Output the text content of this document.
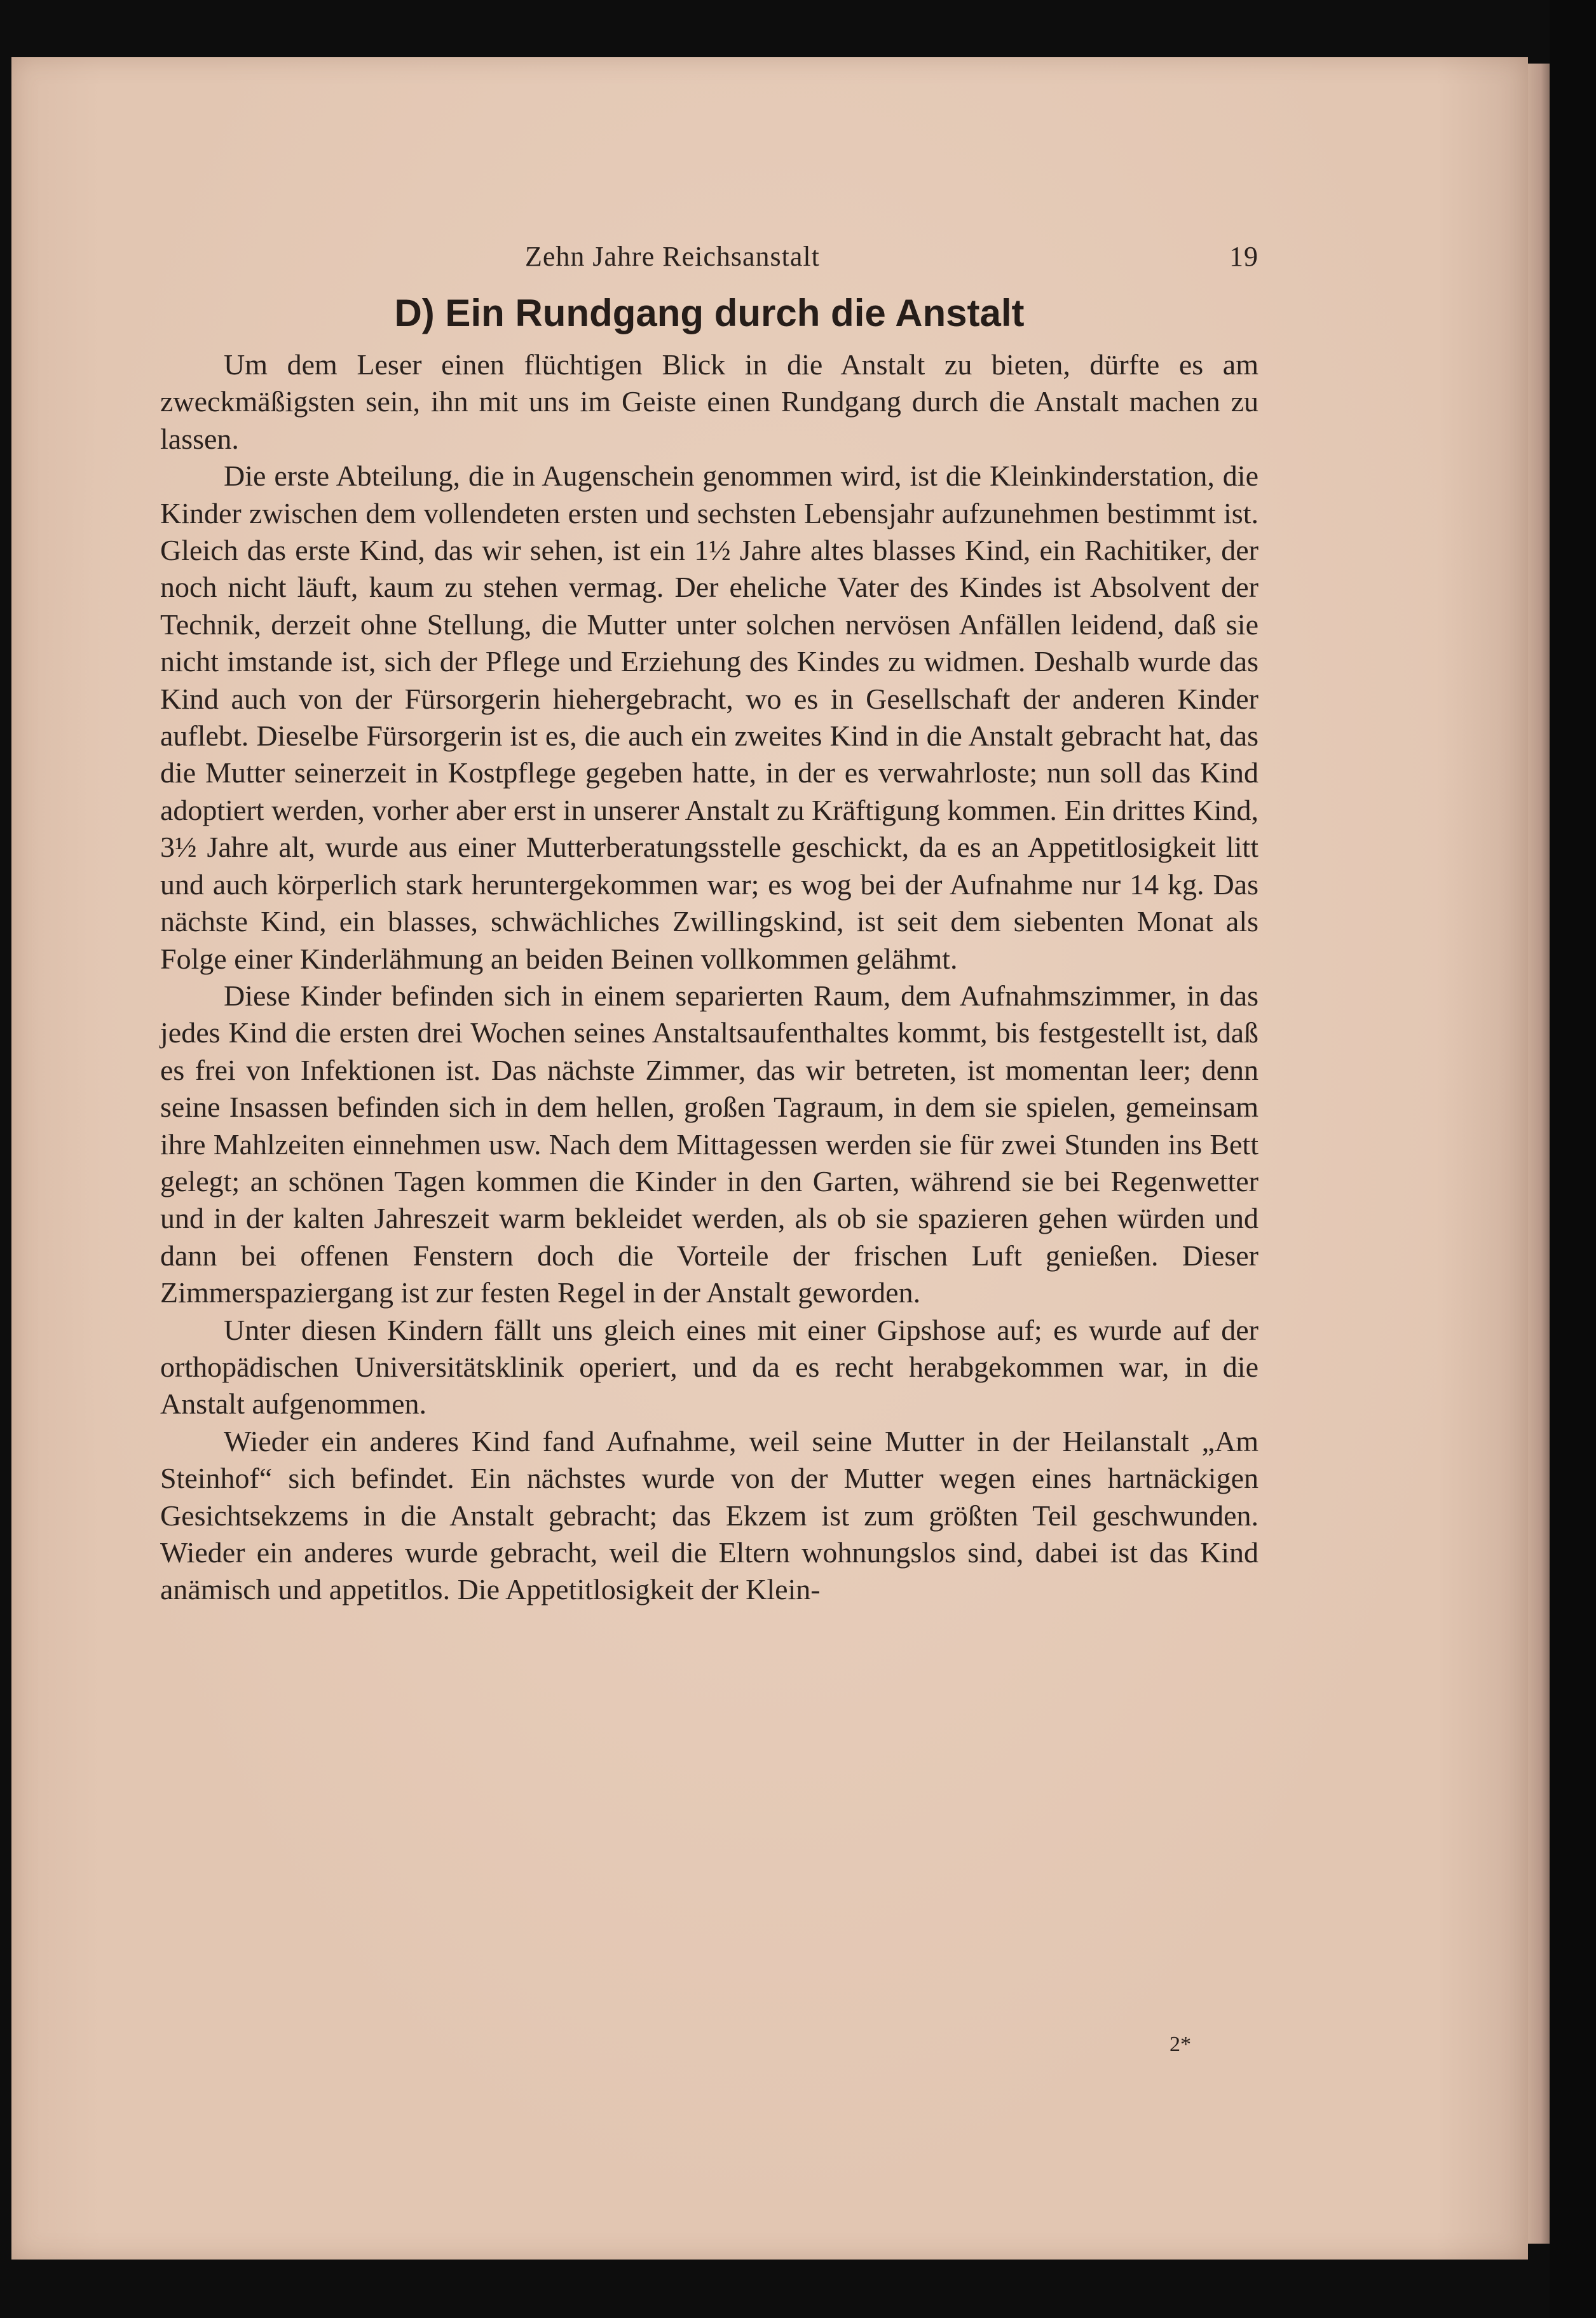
Zehn Jahre Reichsanstalt	19
D) Ein Rundgang durch die Anstalt

Um dem Leser einen flüchtigen Blick in die Anstalt zu bieten, dürfte es am zweckmäßigsten sein, ihn mit uns im Geiste einen Rundgang durch die Anstalt machen zu lassen.

Die erste Abteilung, die in Augenschein genommen wird, ist die Kleinkinderstation, die Kinder zwischen dem vollendeten ersten und sechsten Lebensjahr aufzunehmen bestimmt ist. Gleich das erste Kind, das wir sehen, ist ein 1½ Jahre altes blasses Kind, ein Rachitiker, der noch nicht läuft, kaum zu stehen vermag. Der eheliche Vater des Kindes ist Absolvent der Technik, derzeit ohne Stellung, die Mutter unter solchen nervösen Anfällen leidend, daß sie nicht imstande ist, sich der Pflege und Erziehung des Kindes zu widmen. Deshalb wurde das Kind auch von der Fürsorgerin hiehergebracht, wo es in Gesellschaft der anderen Kinder auflebt. Dieselbe Fürsorgerin ist es, die auch ein zweites Kind in die Anstalt gebracht hat, das die Mutter seinerzeit in Kostpflege gegeben hatte, in der es verwahrloste; nun soll das Kind adoptiert werden, vorher aber erst in unserer Anstalt zu Kräftigung kommen. Ein drittes Kind, 3½ Jahre alt, wurde aus einer Mutterberatungsstelle geschickt, da es an Appetitlosigkeit litt und auch körperlich stark heruntergekommen war; es wog bei der Aufnahme nur 14 kg. Das nächste Kind, ein blasses, schwächliches Zwillingskind, ist seit dem siebenten Monat als Folge einer Kinderlähmung an beiden Beinen vollkommen gelähmt.

Diese Kinder befinden sich in einem separierten Raum, dem Aufnahmszimmer, in das jedes Kind die ersten drei Wochen seines Anstaltsaufenthaltes kommt, bis festgestellt ist, daß es frei von Infektionen ist. Das nächste Zimmer, das wir betreten, ist momentan leer; denn seine Insassen befinden sich in dem hellen, großen Tagraum, in dem sie spielen, gemeinsam ihre Mahlzeiten einnehmen usw. Nach dem Mittagessen werden sie für zwei Stunden ins Bett gelegt; an schönen Tagen kommen die Kinder in den Garten, während sie bei Regenwetter und in der kalten Jahreszeit warm bekleidet werden, als ob sie spazieren gehen würden und dann bei offenen Fenstern doch die Vorteile der frischen Luft genießen. Dieser Zimmerspaziergang ist zur festen Regel in der Anstalt geworden.

Unter diesen Kindern fällt uns gleich eines mit einer Gipshose auf; es wurde auf der orthopädischen Universitätsklinik operiert, und da es recht herabgekommen war, in die Anstalt aufgenommen.

Wieder ein anderes Kind fand Aufnahme, weil seine Mutter in der Heilanstalt „Am Steinhof“ sich befindet. Ein nächstes wurde von der Mutter wegen eines hartnäckigen Gesichtsekzems in die Anstalt gebracht; das Ekzem ist zum größten Teil geschwunden. Wieder ein anderes wurde gebracht, weil die Eltern wohnungslos sind, dabei ist das Kind anämisch und appetitlos. Die Appetitlosigkeit der Klein-

2*
